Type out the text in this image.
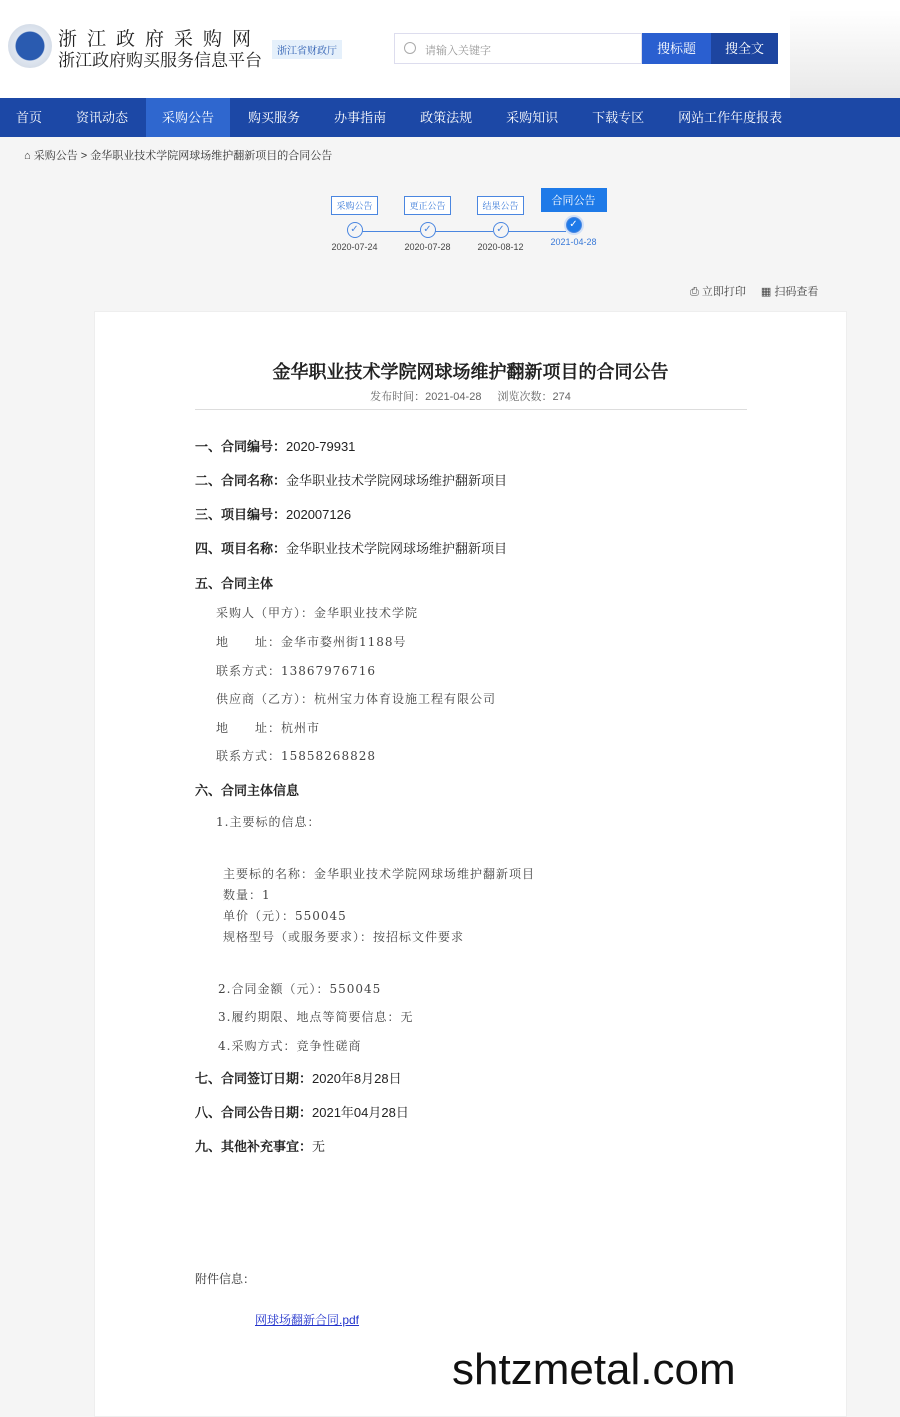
浙江政府采购网
浙江政府购买服务信息平台	浙江省财政厅	请输入关键字	搜标题	搜全文
首页	资讯动态	采购公告	购买服务	办事指南	政策法规	采购知识	下载专区	网站工作年度报表
⌂ 采购公告 > 金华职业技术学院网球场维护翻新项目的合同公告
采购公告
✓
2020-07-24
更正公告
✓
2020-07-28
结果公告
✓
2020-08-12
合同公告
✓
2021-04-28
⎙ 立即打印 ▦ 扫码查看
金华职业技术学院网球场维护翻新项目的合同公告
发布时间：2021-04-28 浏览次数：274
一、合同编号：2020-79931
二、合同名称：金华职业技术学院网球场维护翻新项目
三、项目编号：202007126
四、项目名称：金华职业技术学院网球场维护翻新项目
五、合同主体
采购人（甲方）：金华职业技术学院
地　　址：金华市婺州街1188号
联系方式：13867976716
供应商（乙方）：杭州宝力体育设施工程有限公司
地　　址：杭州市
联系方式：15858268828
六、合同主体信息
1.主要标的信息：
主要标的名称：金华职业技术学院网球场维护翻新项目
数量：1
单价（元）：550045
规格型号（或服务要求）：按招标文件要求
2.合同金额（元）：550045
3.履约期限、地点等简要信息：无
4.采购方式：竞争性磋商
七、合同签订日期：2020年8月28日
八、合同公告日期：2021年04月28日
九、其他补充事宜：无
附件信息：
网球场翻新合同.pdf
shtzmetal.com
